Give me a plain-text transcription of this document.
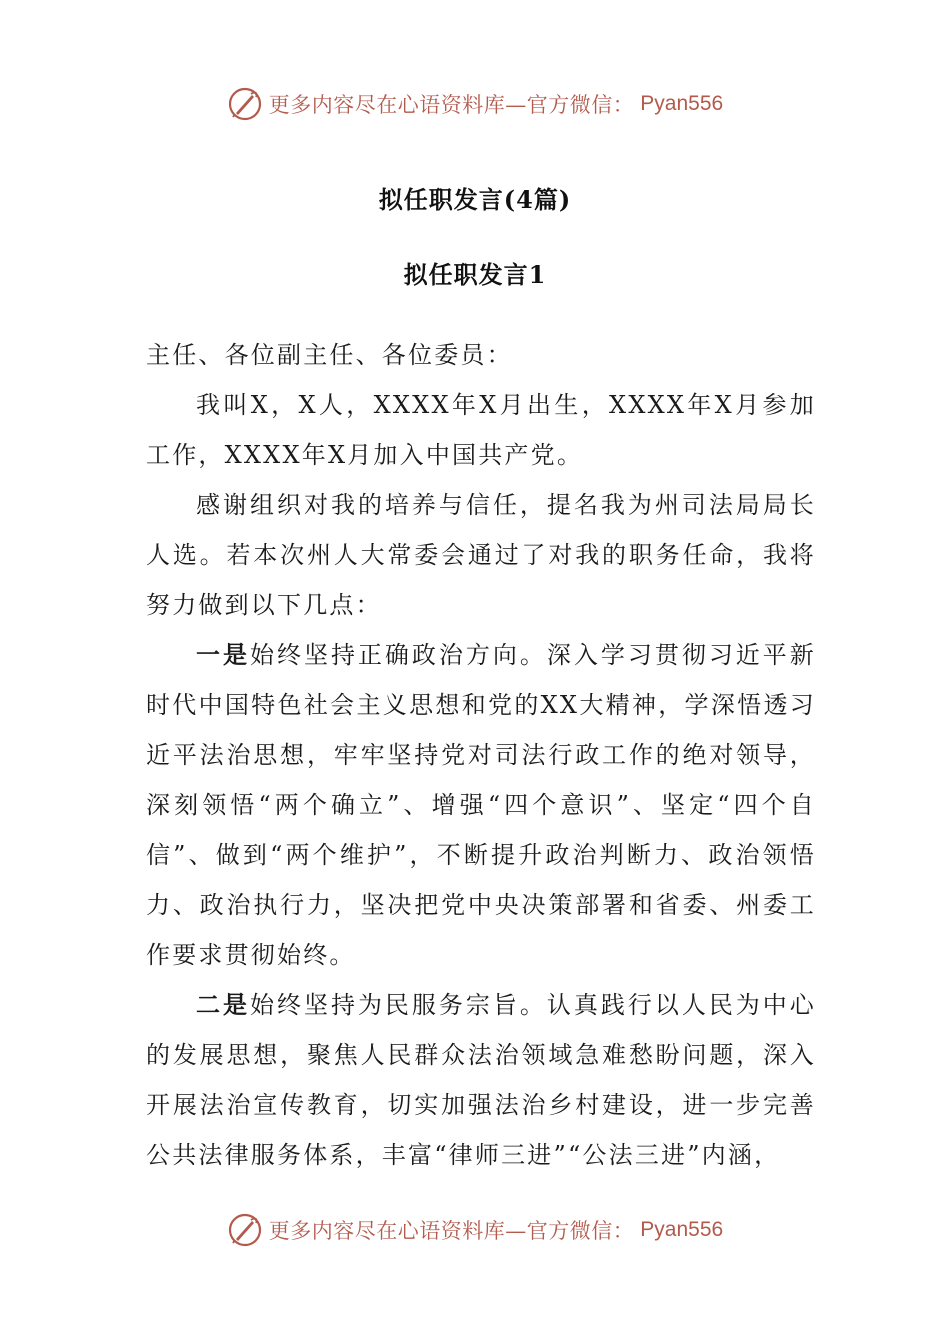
更多内容尽在心语资料库—官方微信： Pyan556
拟任职发言(4篇)
拟任职发言1

主任、各位副主任、各位委员：

我叫X，X人，XXXX年X月出生，XXXX年X月参加工作，XXXX年X月加入中国共产党。

感谢组织对我的培养与信任，提名我为州司法局局长人选。若本次州人大常委会通过了对我的职务任命，我将努力做到以下几点：

一是始终坚持正确政治方向。深入学习贯彻习近平新时代中国特色社会主义思想和党的XX大精神，学深悟透习近平法治思想，牢牢坚持党对司法行政工作的绝对领导，深刻领悟“两个确立”、增强“四个意识”、坚定“四个自信”、做到“两个维护”，不断提升政治判断力、政治领悟力、政治执行力，坚决把党中央决策部署和省委、州委工作要求贯彻始终。

二是始终坚持为民服务宗旨。认真践行以人民为中心的发展思想，聚焦人民群众法治领域急难愁盼问题，深入开展法治宣传教育，切实加强法治乡村建设，进一步完善公共法律服务体系，丰富“律师三进”“公法三进”内涵，

更多内容尽在心语资料库—官方微信： Pyan556
